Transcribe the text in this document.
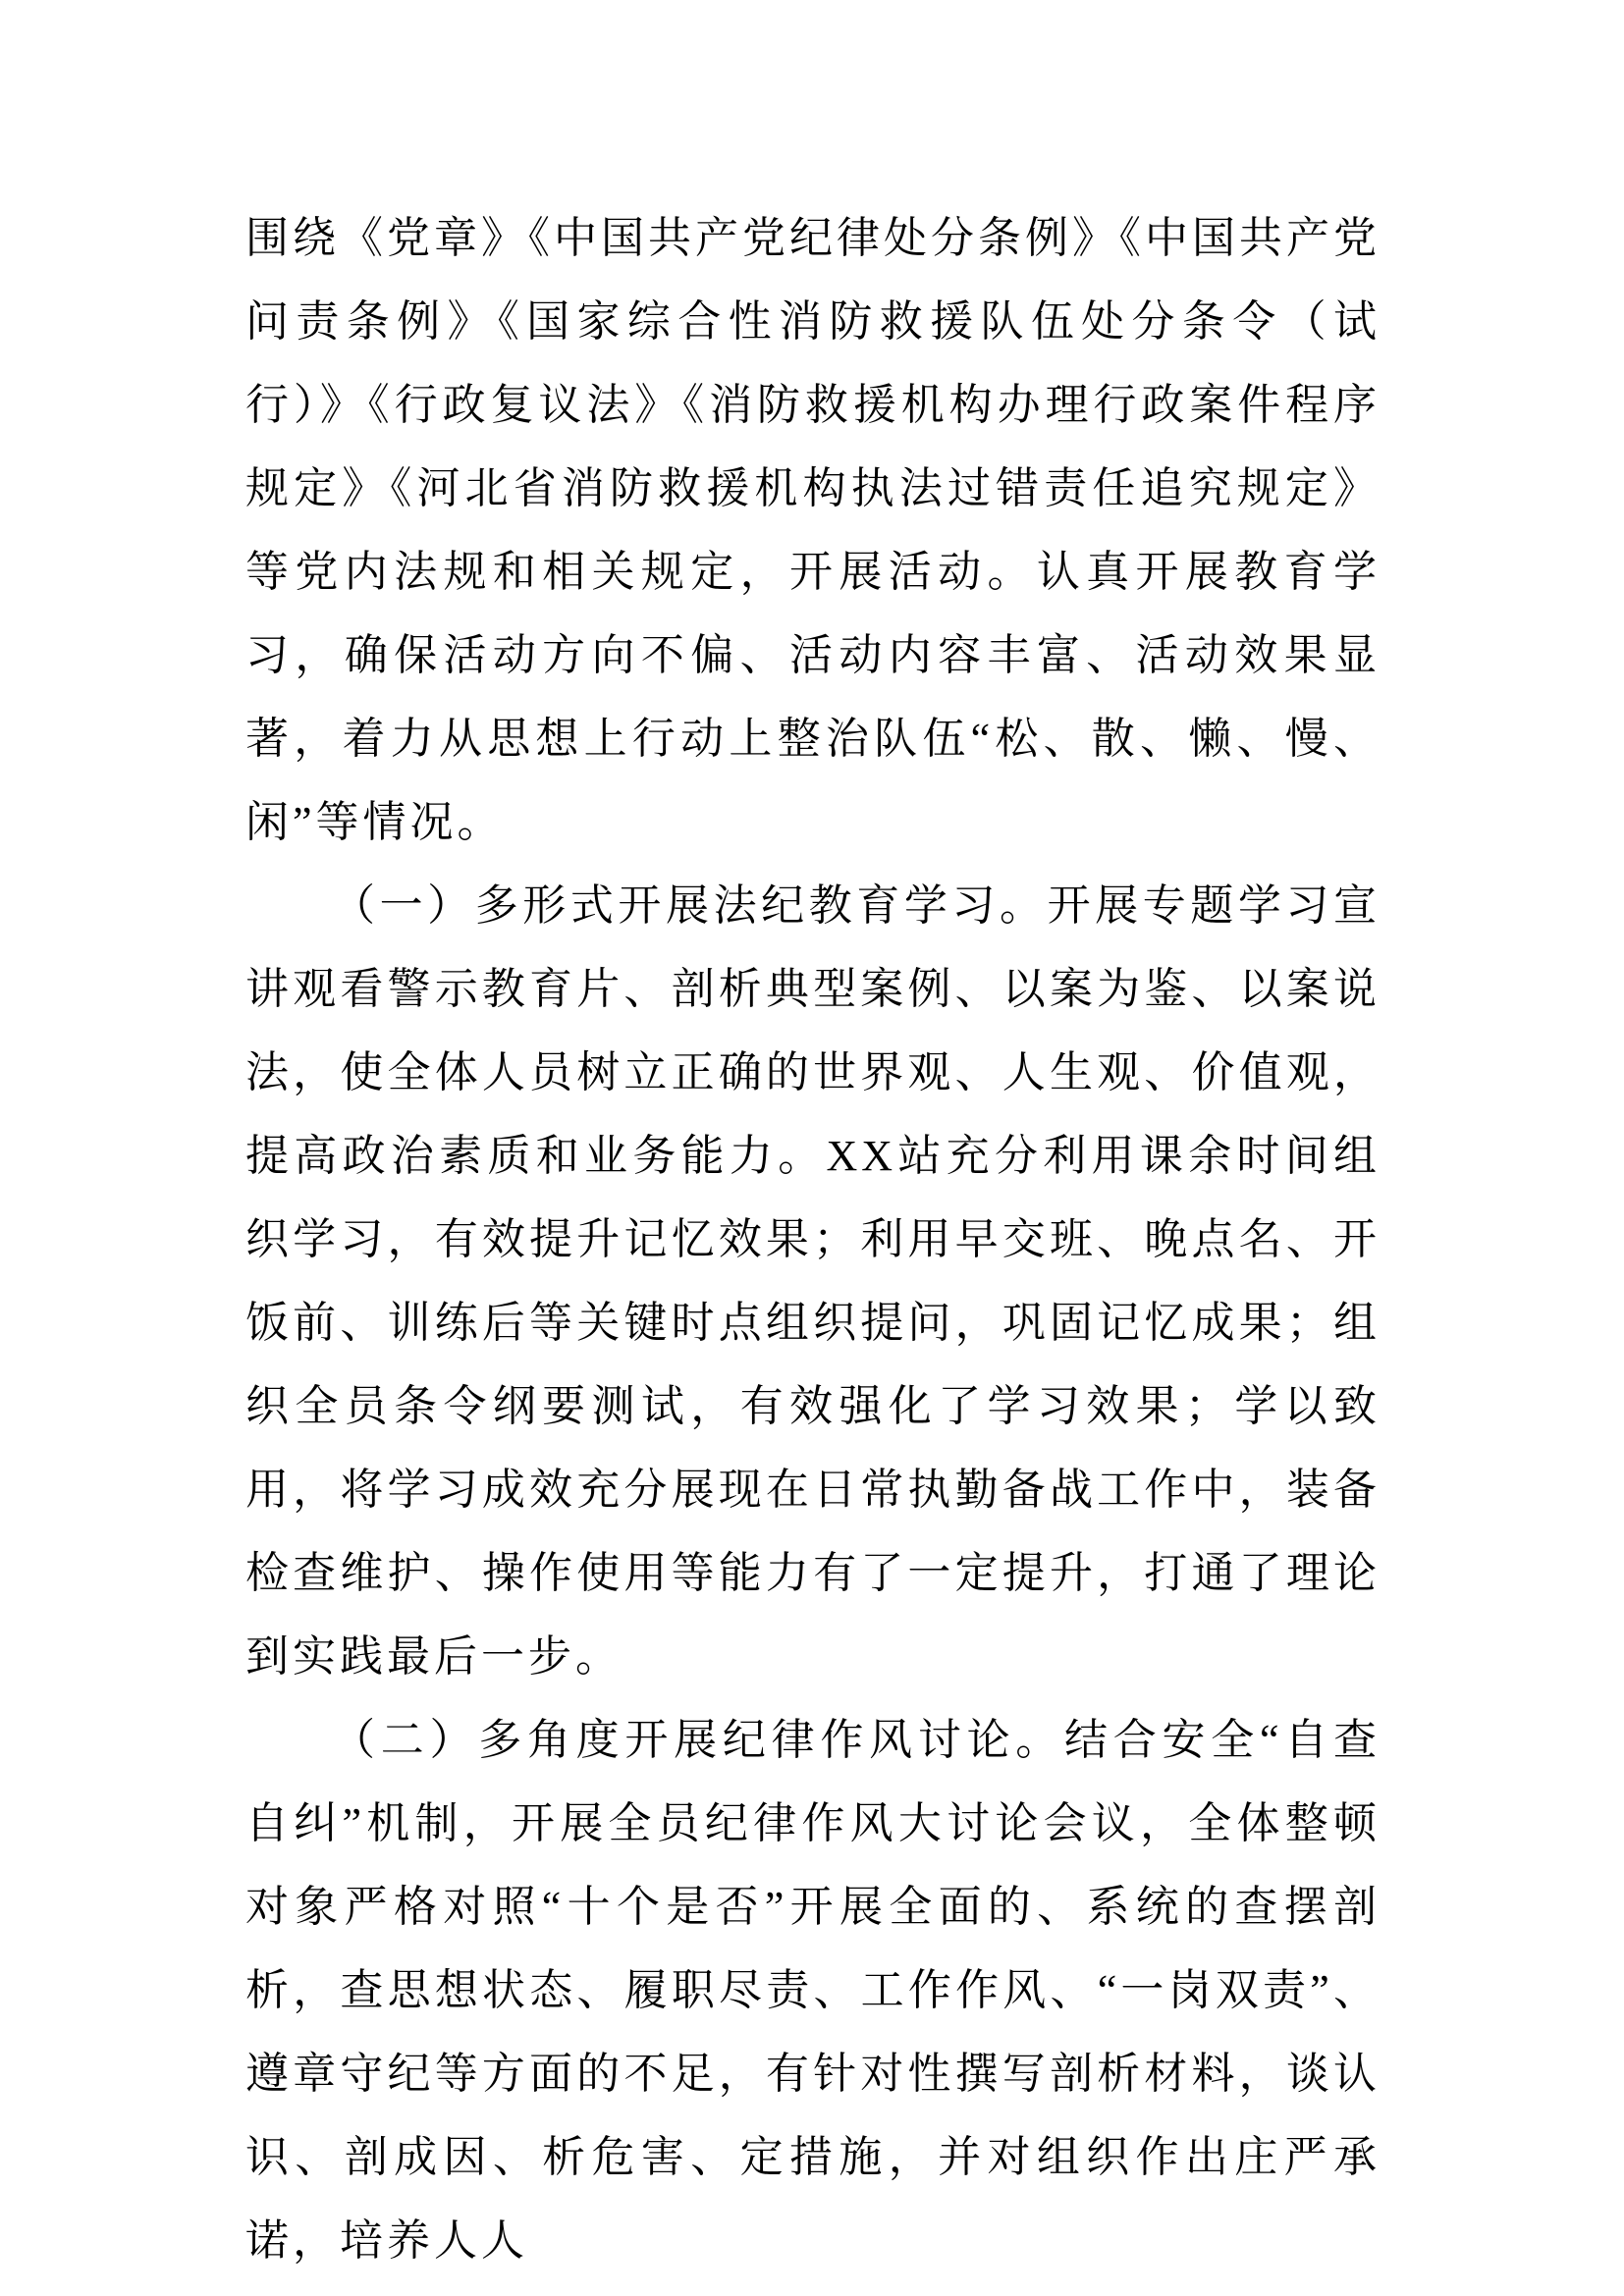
围绕《党章》《中国共产党纪律处分条例》《中国共产党问责条例》《国家综合性消防救援队伍处分条令（试行）》《行政复议法》《消防救援机构办理行政案件程序规定》《河北省消防救援机构执法过错责任追究规定》等党内法规和相关规定，开展活动。认真开展教育学习，确保活动方向不偏、活动内容丰富、活动效果显著，着力从思想上行动上整治队伍“松、散、懒、慢、闲”等情况。

（一）多形式开展法纪教育学习。开展专题学习宣讲观看警示教育片、剖析典型案例、以案为鉴、以案说法，使全体人员树立正确的世界观、人生观、价值观，提高政治素质和业务能力。XX站充分利用课余时间组织学习，有效提升记忆效果；利用早交班、晚点名、开饭前、训练后等关键时点组织提问，巩固记忆成果；组织全员条令纲要测试，有效强化了学习效果；学以致用，将学习成效充分展现在日常执勤备战工作中，装备检查维护、操作使用等能力有了一定提升，打通了理论到实践最后一步。

（二）多角度开展纪律作风讨论。结合安全“自查自纠”机制，开展全员纪律作风大讨论会议，全体整顿对象严格对照“十个是否”开展全面的、系统的查摆剖析，查思想状态、履职尽责、工作作风、“一岗双责”、遵章守纪等方面的不足，有针对性撰写剖析材料，谈认识、剖成因、析危害、定措施，并对组织作出庄严承诺，培养人人
